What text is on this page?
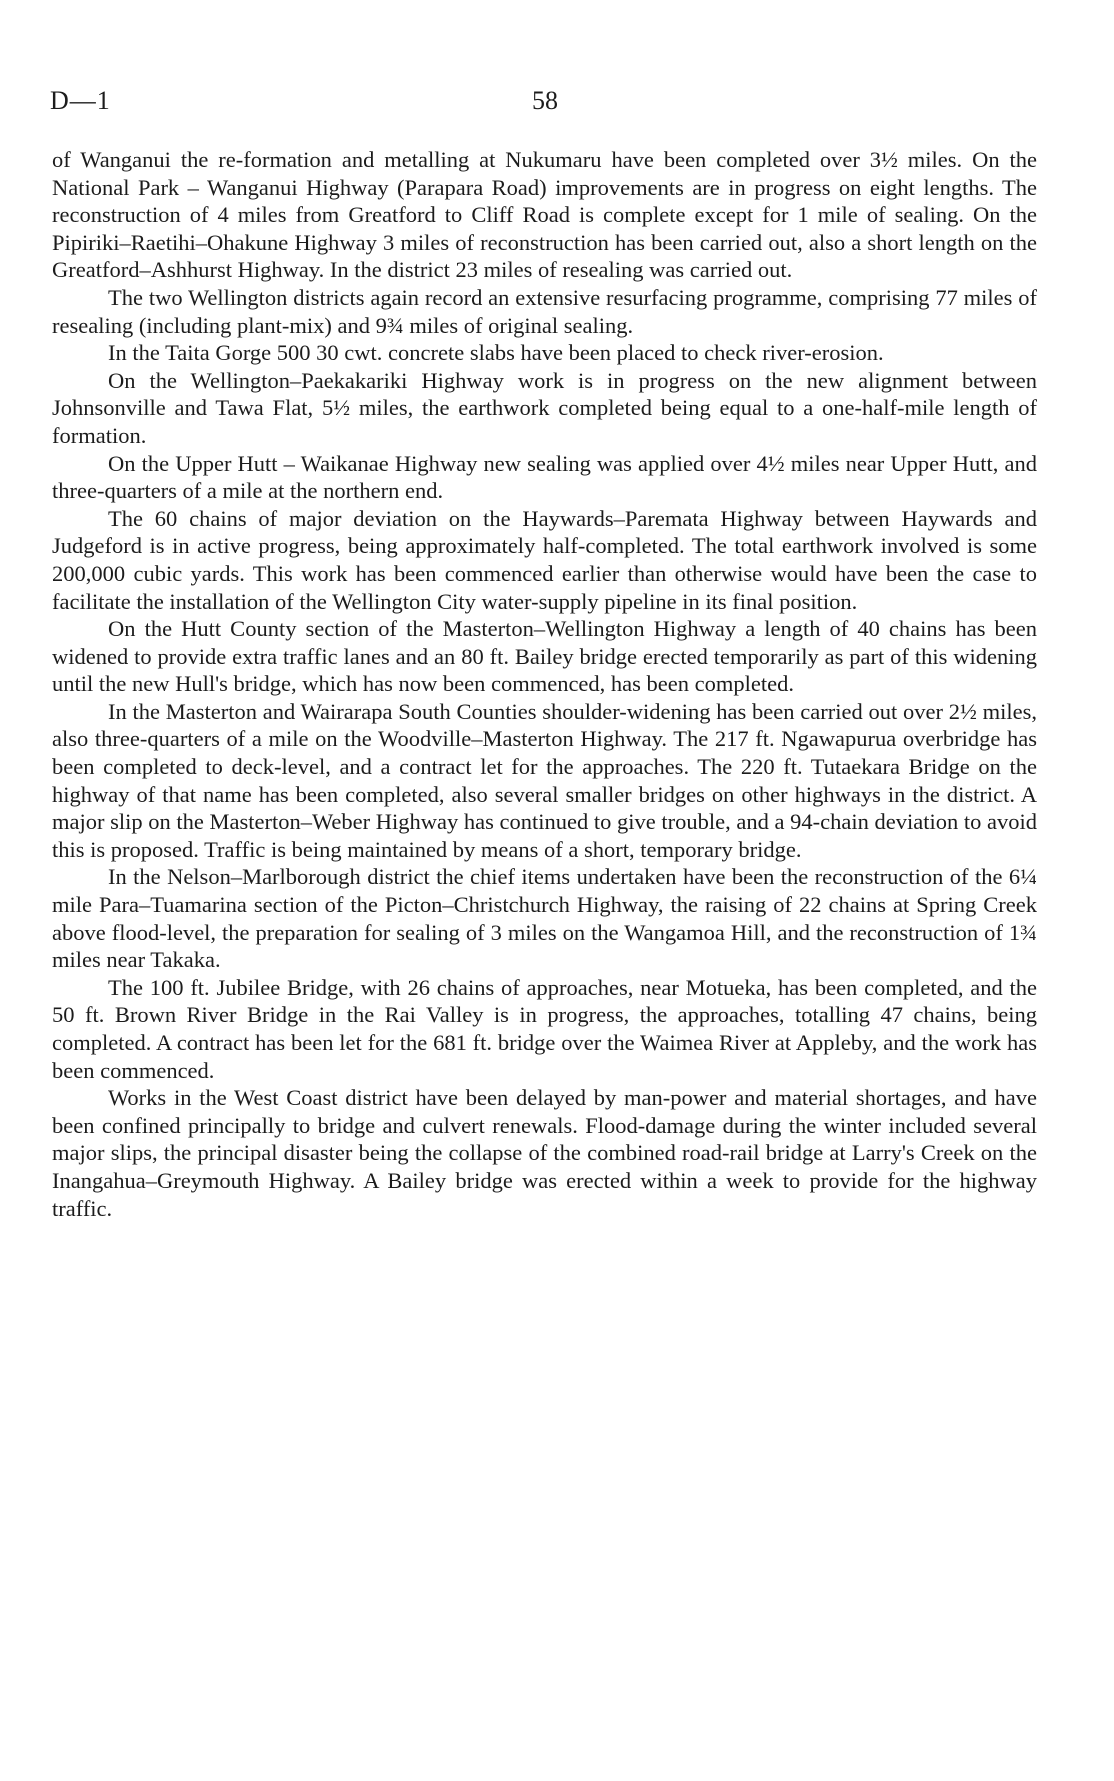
D—1	58

of Wanganui the re-formation and metalling at Nukumaru have been completed over 3½ miles. On the National Park – Wanganui Highway (Parapara Road) improvements are in progress on eight lengths. The reconstruction of 4 miles from Greatford to Cliff Road is complete except for 1 mile of sealing. On the Pipiriki–Raetihi–Ohakune Highway 3 miles of reconstruction has been carried out, also a short length on the Greatford–Ashhurst Highway. In the district 23 miles of resealing was carried out.

The two Wellington districts again record an extensive resurfacing programme, comprising 77 miles of resealing (including plant-mix) and 9¾ miles of original sealing.

In the Taita Gorge 500 30 cwt. concrete slabs have been placed to check river-erosion.

On the Wellington–Paekakariki Highway work is in progress on the new alignment between Johnsonville and Tawa Flat, 5½ miles, the earthwork completed being equal to a one-half-mile length of formation.

On the Upper Hutt – Waikanae Highway new sealing was applied over 4½ miles near Upper Hutt, and three-quarters of a mile at the northern end.

The 60 chains of major deviation on the Haywards–Paremata Highway between Haywards and Judgeford is in active progress, being approximately half-completed. The total earthwork involved is some 200,000 cubic yards. This work has been commenced earlier than otherwise would have been the case to facilitate the installation of the Wellington City water-supply pipeline in its final position.

On the Hutt County section of the Masterton–Wellington Highway a length of 40 chains has been widened to provide extra traffic lanes and an 80 ft. Bailey bridge erected temporarily as part of this widening until the new Hull's bridge, which has now been commenced, has been completed.

In the Masterton and Wairarapa South Counties shoulder-widening has been carried out over 2½ miles, also three-quarters of a mile on the Woodville–Masterton Highway. The 217 ft. Ngawapurua overbridge has been completed to deck-level, and a contract let for the approaches. The 220 ft. Tutaekara Bridge on the highway of that name has been completed, also several smaller bridges on other highways in the district. A major slip on the Masterton–Weber Highway has continued to give trouble, and a 94-chain deviation to avoid this is proposed. Traffic is being maintained by means of a short, temporary bridge.

In the Nelson–Marlborough district the chief items undertaken have been the reconstruction of the 6¼ mile Para–Tuamarina section of the Picton–Christchurch Highway, the raising of 22 chains at Spring Creek above flood-level, the preparation for sealing of 3 miles on the Wangamoa Hill, and the reconstruction of 1¾ miles near Takaka.

The 100 ft. Jubilee Bridge, with 26 chains of approaches, near Motueka, has been completed, and the 50 ft. Brown River Bridge in the Rai Valley is in progress, the approaches, totalling 47 chains, being completed. A contract has been let for the 681 ft. bridge over the Waimea River at Appleby, and the work has been commenced.

Works in the West Coast district have been delayed by man-power and material shortages, and have been confined principally to bridge and culvert renewals. Flood-damage during the winter included several major slips, the principal disaster being the collapse of the combined road-rail bridge at Larry's Creek on the Inangahua–Greymouth Highway. A Bailey bridge was erected within a week to provide for the highway traffic.
